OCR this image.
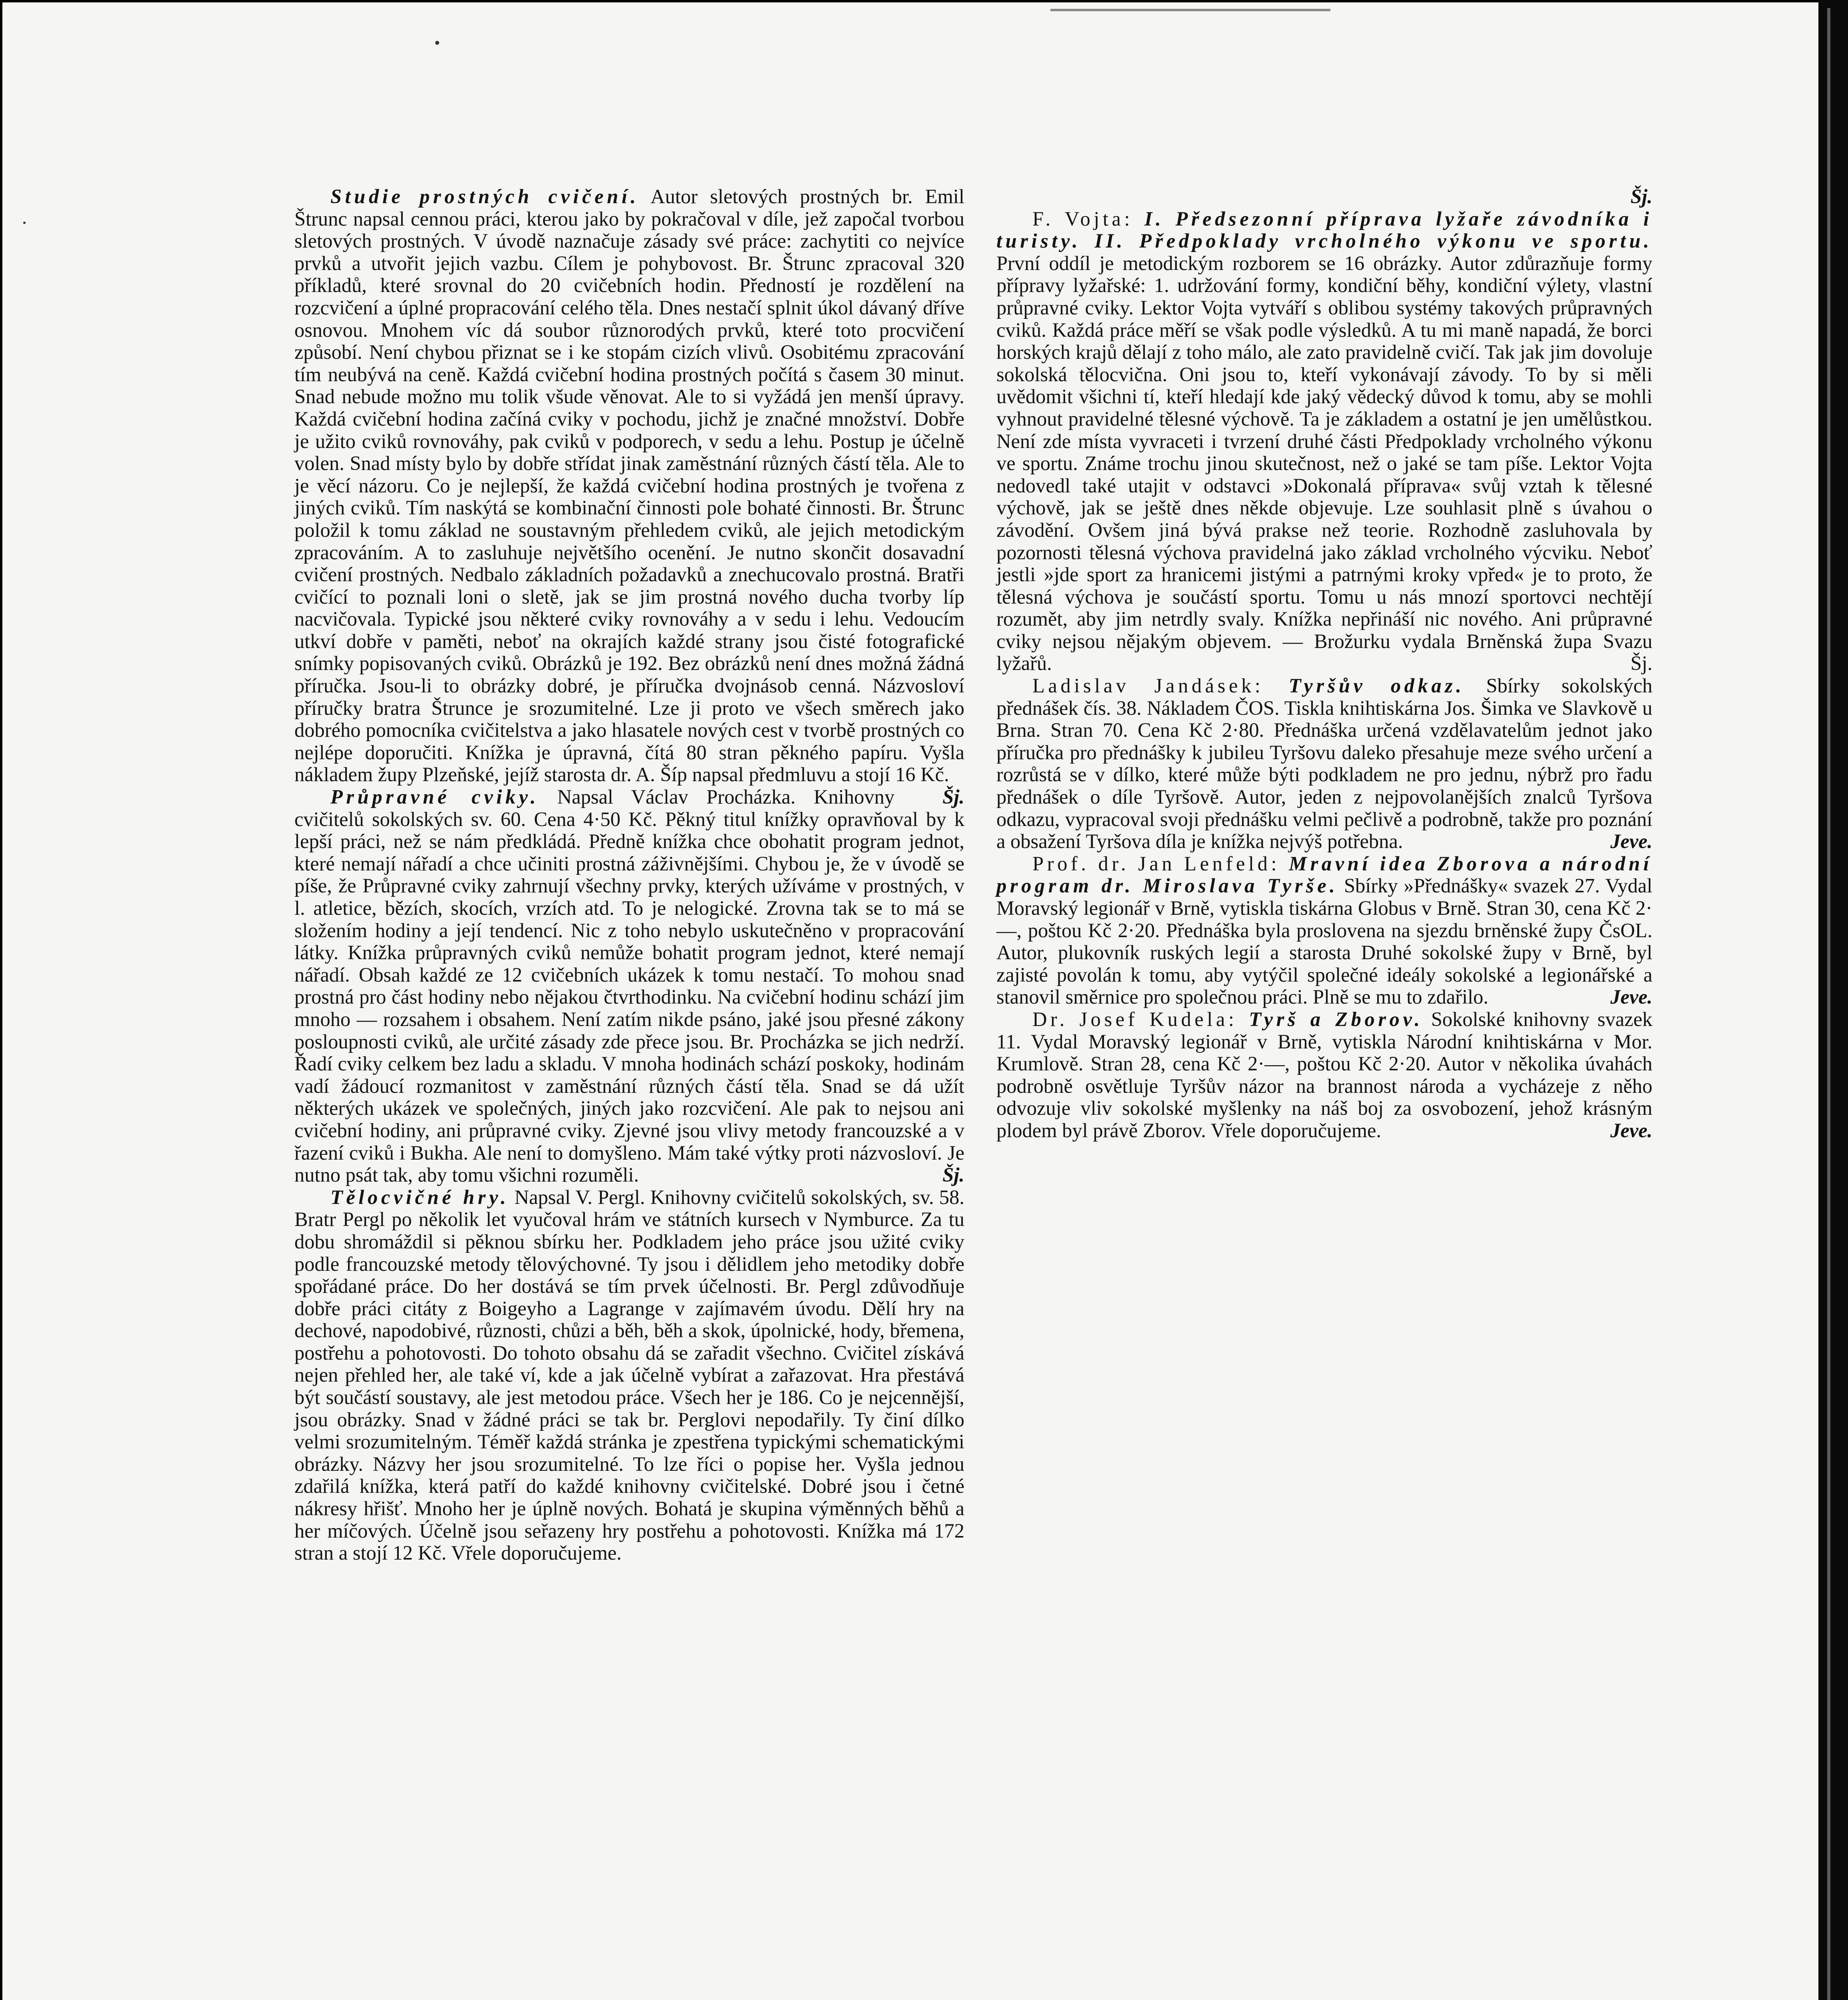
Studie prostných cvičení. Autor sletových prostných br. Emil Štrunc napsal cennou práci, kterou jako by pokračoval v díle, jež započal tvorbou sletových prostných. V úvodě naznačuje zásady své práce: zachytiti co nejvíce prvků a utvořit jejich vazbu. Cílem je pohybovost. Br. Štrunc zpracoval 320 příkladů, které srovnal do 20 cvičebních hodin. Předností je rozdělení na rozcvičení a úplné propracování celého těla. Dnes nestačí splnit úkol dávaný dříve osnovou. Mnohem víc dá soubor různorodých prvků, které toto procvičení způsobí. Není chybou přiznat se i ke stopám cizích vlivů. Osobitému zpracování tím neubývá na ceně. Každá cvičební hodina prostných počítá s časem 30 minut. Snad nebude možno mu tolik všude věnovat. Ale to si vyžádá jen menší úpravy. Každá cvičební hodina začíná cviky v pochodu, jichž je značné množství. Dobře je užito cviků rovnováhy, pak cviků v podporech, v sedu a lehu. Postup je účelně volen. Snad místy bylo by dobře střídat jinak zaměstnání různých částí těla. Ale to je věcí názoru. Co je nejlepší, že každá cvičební hodina prostných je tvořena z jiných cviků. Tím naskýtá se kombinační činnosti pole bohaté činnosti. Br. Štrunc položil k tomu základ ne soustavným přehledem cviků, ale jejich metodickým zpracováním. A to zasluhuje největšího ocenění. Je nutno skončit dosavadní cvičení prostných. Nedbalo základních požadavků a znechucovalo prostná. Bratři cvičící to poznali loni o sletě, jak se jim prostná nového ducha tvorby líp nacvičovala. Typické jsou některé cviky rovnováhy a v sedu i lehu. Vedoucím utkví dobře v paměti, neboť na okrajích každé strany jsou čisté fotografické snímky popisovaných cviků. Obrázků je 192. Bez obrázků není dnes možná žádná příručka. Jsou-li to obrázky dobré, je příručka dvojnásob cenná. Názvosloví příručky bratra Štrunce je srozumitelné. Lze ji proto ve všech směrech jako dobrého pomocníka cvičitelstva a jako hlasatele nových cest v tvorbě prostných co nejlépe doporučiti. Knížka je úpravná, čítá 80 stran pěkného papíru. Vyšla nákladem župy Plzeňské, jejíž starosta dr. A. Šíp napsal předmluvu a stojí 16 Kč.
Šj.

Průpravné cviky. Napsal Václav Procházka. Knihovny cvičitelů sokolských sv. 60. Cena 4·50 Kč. Pěkný titul knížky opravňoval by k lepší práci, než se nám předkládá. Předně knížka chce obohatit program jednot, které nemají nářadí a chce učiniti prostná záživnějšími. Chybou je, že v úvodě se píše, že Průpravné cviky zahrnují všechny prvky, kterých užíváme v prostných, v l. atletice, bězích, skocích, vrzích atd. To je nelogické. Zrovna tak se to má se složením hodiny a její tendencí. Nic z toho nebylo uskutečněno v propracování látky. Knížka průpravných cviků nemůže bohatit program jednot, které nemají nářadí. Obsah každé ze 12 cvičebních ukázek k tomu nestačí. To mohou snad prostná pro část hodiny nebo nějakou čtvrthodinku. Na cvičební hodinu schází jim mnoho — rozsahem i obsahem. Není zatím nikde psáno, jaké jsou přesné zákony posloupnosti cviků, ale určité zásady zde přece jsou. Br. Procházka se jich nedrží. Řadí cviky celkem bez ladu a skladu. V mnoha hodinách schází poskoky, hodinám vadí žádoucí rozmanitost v zaměstnání různých částí těla. Snad se dá užít některých ukázek ve společných, jiných jako rozcvičení. Ale pak to nejsou ani cvičební hodiny, ani průpravné cviky. Zjevné jsou vlivy metody francouzské a v řazení cviků i Bukha. Ale není to domyšleno. Mám také výtky proti názvosloví. Je nutno psát tak, aby tomu všichni rozuměli.	Šj.

Tělocvičné hry. Napsal V. Pergl. Knihovny cvičitelů sokolských, sv. 58. Bratr Pergl po několik let vyučoval hrám ve státních kursech v Nymburce. Za tu dobu shromáždil si pěknou sbírku her. Podkladem jeho práce jsou užité cviky podle francouzské metody tělovýchovné. Ty jsou i dělidlem jeho metodiky dobře spořádané práce. Do her dostává se tím prvek účelnosti. Br. Pergl zdůvodňuje dobře práci citáty z Boigeyho a Lagrange v zajímavém úvodu. Dělí hry na dechové, napodobivé, různosti, chůzi a běh, běh a skok, úpolnické, hody, břemena, postřehu a pohotovosti. Do tohoto obsahu dá se zařadit všechno. Cvičitel získává nejen přehled her, ale také ví, kde a jak účelně vybírat a zařazovat. Hra přestává být součástí soustavy, ale jest metodou práce. Všech her je 186. Co je nejcennější, jsou obrázky. Snad v žádné práci se tak br. Perglovi nepodařily. Ty činí dílko velmi srozumitelným. Téměř každá stránka je zpestřena typickými schematickými obrázky. Názvy her jsou srozumitelné. To lze říci o popise her. Vyšla jednou zdařilá knížka, která patří do každé knihovny cvičitelské. Dobré jsou i četné nákresy hřišť. Mnoho her je úplně nových. Bohatá je skupina výměnných běhů a her míčových. Účelně jsou seřazeny hry postřehu a pohotovosti. Knížka má 172 stran a stojí 12 Kč. Vřele doporučujeme.

Šj.

F. Vojta: I. Předsezonní příprava lyžaře závodníka i turisty. II. Předpoklady vrcholného výkonu ve sportu. První oddíl je metodickým rozborem se 16 obrázky. Autor zdůrazňuje formy přípravy lyžařské: 1. udržování formy, kondiční běhy, kondiční výlety, vlastní průpravné cviky. Lektor Vojta vytváří s oblibou systémy takových průpravných cviků. Každá práce měří se však podle výsledků. A tu mi maně napadá, že borci horských krajů dělají z toho málo, ale zato pravidelně cvičí. Tak jak jim dovoluje sokolská tělocvična. Oni jsou to, kteří vykonávají závody. To by si měli uvědomit všichni tí, kteří hledají kde jaký vědecký důvod k tomu, aby se mohli vyhnout pravidelné tělesné výchově. Ta je základem a ostatní je jen umělůstkou. Není zde místa vyvraceti i tvrzení druhé části Předpoklady vrcholného výkonu ve sportu. Známe trochu jinou skutečnost, než o jaké se tam píše. Lektor Vojta nedovedl také utajit v odstavci »Dokonalá příprava« svůj vztah k tělesné výchově, jak se ještě dnes někde objevuje. Lze souhlasit plně s úvahou o závodění. Ovšem jiná bývá prakse než teorie. Rozhodně zasluhovala by pozornosti tělesná výchova pravidelná jako základ vrcholného výcviku. Neboť jestli »jde sport za hranicemi jistými a patrnými kroky vpřed« je to proto, že tělesná výchova je součástí sportu. Tomu u nás mnozí sportovci nechtějí rozumět, aby jim netrdly svaly. Knížka nepřináší nic nového. Ani průpravné cviky nejsou nějakým objevem. — Brožurku vydala Brněnská župa Svazu lyžařů.	Šj.

Ladislav Jandásek: Tyršův odkaz. Sbírky sokolských přednášek čís. 38. Nákladem ČOS. Tiskla knihtiskárna Jos. Šimka ve Slavkově u Brna. Stran 70. Cena Kč 2·80. Přednáška určená vzdělavatelům jednot jako příručka pro přednášky k jubileu Tyršovu daleko přesahuje meze svého určení a rozrůstá se v dílko, které může býti podkladem ne pro jednu, nýbrž pro řadu přednášek o díle Tyršově. Autor, jeden z nejpovolanějších znalců Tyršova odkazu, vypracoval svoji přednášku velmi pečlivě a podrobně, takže pro poznání a obsažení Tyršova díla je knížka nejvýš potřebna.	Jeve.

Prof. dr. Jan Lenfeld: Mravní idea Zborova a národní program dr. Miroslava Tyrše. Sbírky »Přednášky« svazek 27. Vydal Moravský legionář v Brně, vytiskla tiskárna Globus v Brně. Stran 30, cena Kč 2·—, poštou Kč 2·20. Přednáška byla proslovena na sjezdu brněnské župy ČsOL. Autor, plukovník ruských legií a starosta Druhé sokolské župy v Brně, byl zajisté povolán k tomu, aby vytýčil společné ideály sokolské a legionářské a stanovil směrnice pro společnou práci. Plně se mu to zdařilo.	Jeve.

Dr. Josef Kudela: Tyrš a Zborov. Sokolské knihovny svazek 11. Vydal Moravský legionář v Brně, vytiskla Národní knihtiskárna v Mor. Krumlově. Stran 28, cena Kč 2·—, poštou Kč 2·20. Autor v několika úvahách podrobně osvětluje Tyršův názor na brannost národa a vycházeje z něho odvozuje vliv sokolské myšlenky na náš boj za osvobození, jehož krásným plodem byl právě Zborov. Vřele doporučujeme.	Jeve.
